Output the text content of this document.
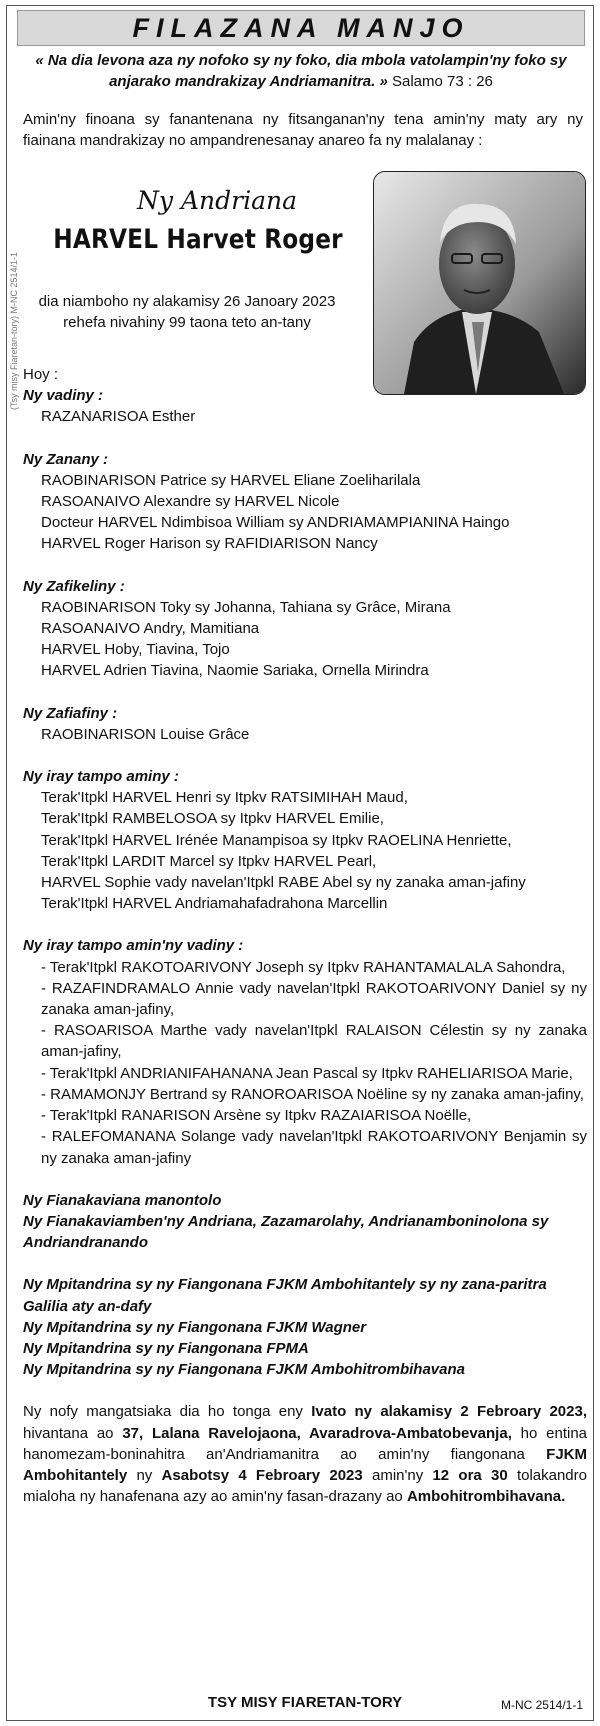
(Tsy misy Fiaretan-tory) M-NC 2514/1-1
FILAZANA MANJO
« Na dia levona aza ny nofoko sy ny foko, dia mbola vatolampin'ny foko sy anjarako mandrakizay Andriamanitra. » Salamo 73 : 26
Amin'ny finoana sy fanantenana ny fitsanganan'ny tena amin'ny maty ary ny fiainana mandrakizay no ampandrenesanay anareo fa ny malalanay :
Ny Andriana
HARVEL Harvet Roger
dia niamboho ny alakamisy 26 Janoary 2023
rehefa nivahiny 99 taona teto an-tany
Hoy :
Ny vadiny :
RAZANARISOA Esther
Ny Zanany :
RAOBINARISON Patrice sy HARVEL Eliane Zoeliharilala
RASOANAIVO Alexandre sy HARVEL Nicole
Docteur HARVEL Ndimbisoa William sy ANDRIAMAMPIANINA Haingo
HARVEL Roger Harison sy RAFIDIARISON Nancy
Ny Zafikeliny :
RAOBINARISON Toky sy Johanna, Tahiana sy Grâce, Mirana
RASOANAIVO Andry, Mamitiana
HARVEL Hoby, Tiavina, Tojo
HARVEL Adrien Tiavina, Naomie Sariaka, Ornella Mirindra
Ny Zafiafiny :
RAOBINARISON Louise Grâce
Ny iray tampo aminy :
Terak'Itpkl HARVEL Henri sy Itpkv RATSIMIHAH Maud,
Terak'Itpkl RAMBELOSOA sy Itpkv HARVEL Emilie,
Terak'Itpkl HARVEL Irénée Manampisoa sy Itpkv RAOELINA Henriette,
Terak'Itpkl LARDIT Marcel sy Itpkv HARVEL Pearl,
HARVEL Sophie vady navelan'Itpkl RABE Abel sy ny zanaka aman-jafiny
Terak'Itpkl HARVEL Andriamahafadrahona Marcellin
Ny iray tampo amin'ny vadiny :
- Terak'Itpkl RAKOTOARIVONY Joseph sy Itpkv RAHANTAMALALA Sahondra,
- RAZAFINDRAMALO Annie vady navelan'Itpkl RAKOTOARIVONY Daniel sy ny zanaka aman-jafiny,
- RASOARISOA Marthe vady navelan'Itpkl RALAISON Célestin sy ny zanaka aman-jafiny,
- Terak'Itpkl ANDRIANIFAHANANA Jean Pascal sy Itpkv RAHELIARISOA Marie,
- RAMAMONJY Bertrand sy RANOROARISOA Noëline sy ny zanaka aman-jafiny,
- Terak'Itpkl RANARISON Arsène sy Itpkv RAZAIARISOA Noëlle,
- RALEFOMANANA Solange vady navelan'Itpkl RAKOTOARIVONY Benjamin sy ny zanaka aman-jafiny
Ny Fianakaviana manontolo
Ny Fianakaviamben'ny Andriana, Zazamarolahy, Andrianamboninolona sy Andriandranando
Ny Mpitandrina sy ny Fiangonana FJKM Ambohitantely sy ny zana-paritra Galilia aty an-dafy
Ny Mpitandrina sy ny Fiangonana FJKM Wagner
Ny Mpitandrina sy ny Fiangonana FPMA
Ny Mpitandrina sy ny Fiangonana FJKM Ambohitrombihavana
Ny nofy mangatsiaka dia ho tonga eny Ivato ny alakamisy 2 Febroary 2023, hivantana ao 37, Lalana Ravelojaona, Avaradrova-Ambatobevanja, ho entina hanomezam-boninahitra an'Andriamanitra ao amin'ny fiangonana FJKM Ambohitantely ny Asabotsy 4 Febroary 2023 amin'ny 12 ora 30 tolakandro mialoha ny hanafenana azy ao amin'ny fasan-drazany ao Ambohitrombihavana.
TSY MISY FIARETAN-TORY	M-NC 2514/1-1
